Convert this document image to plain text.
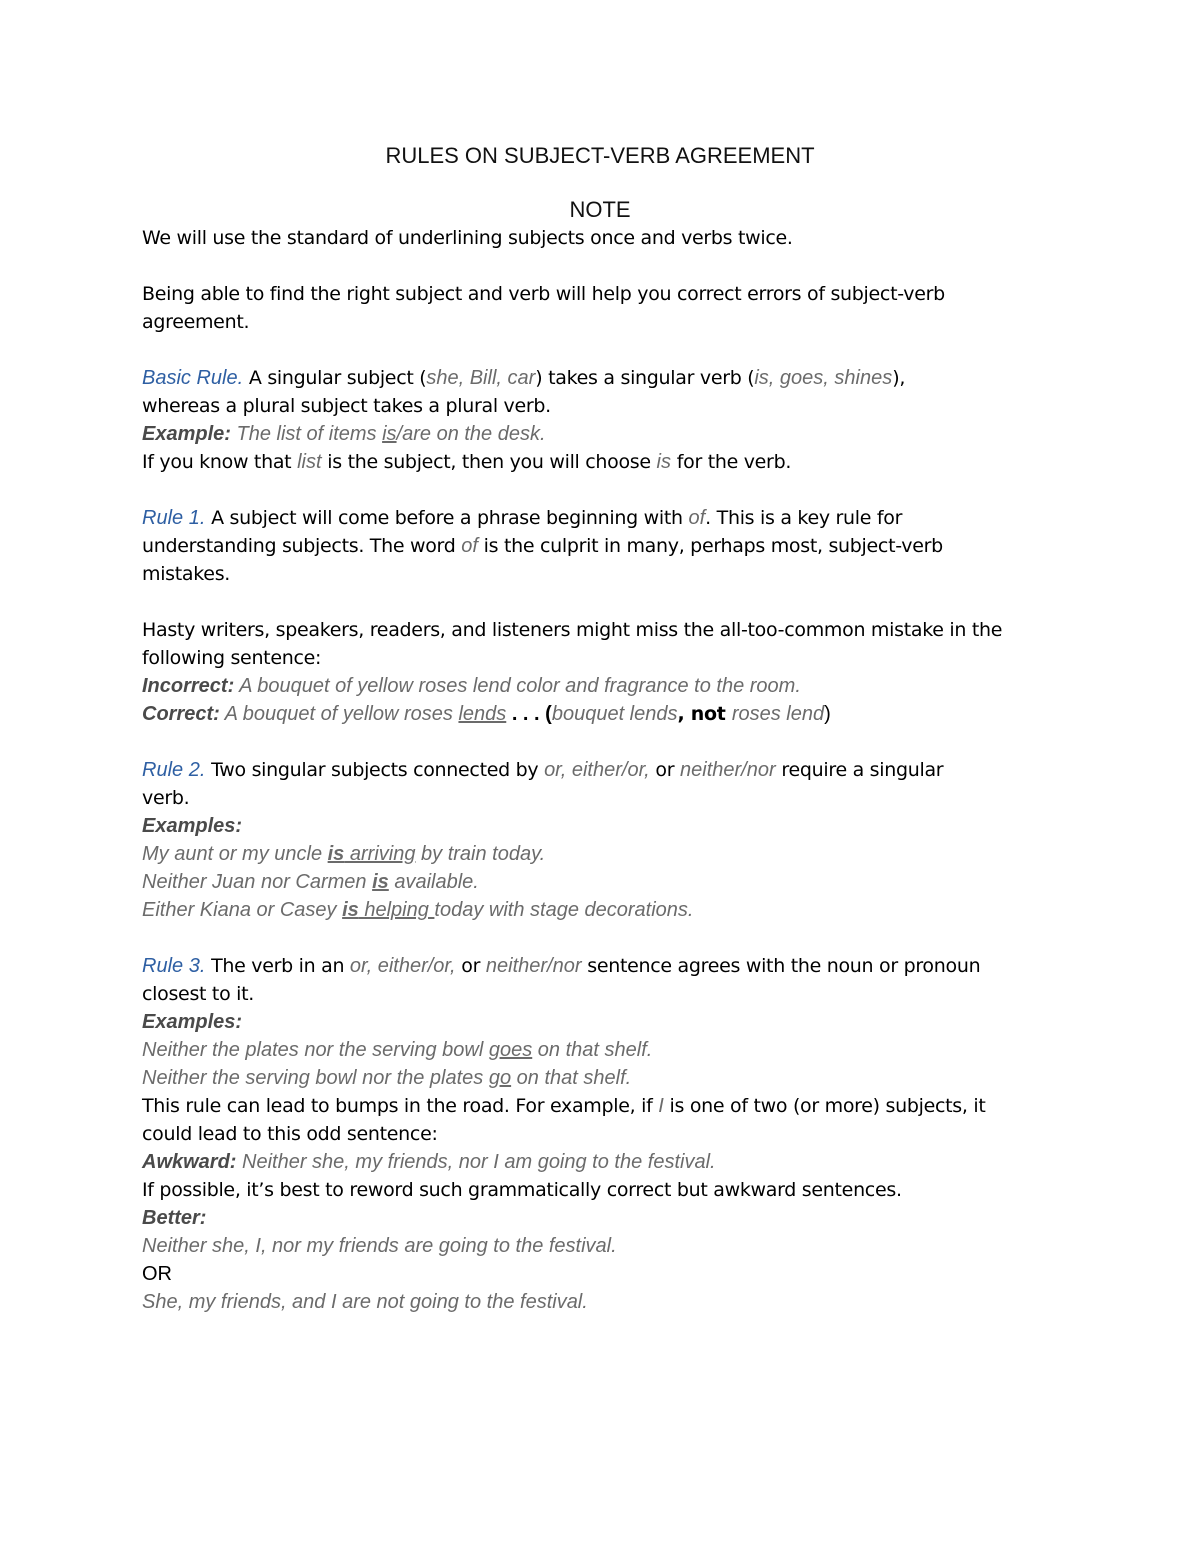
RULES ON SUBJECT-VERB AGREEMENT
NOTE
We will use the standard of underlining subjects once and verbs twice.
Being able to find the right subject and verb will help you correct errors of subject-verb
agreement.
Basic Rule. A singular subject (she, Bill, car) takes a singular verb (is, goes, shines),
whereas a plural subject takes a plural verb.
Example: The list of items is/are on the desk.
If you know that list is the subject, then you will choose is for the verb.
Rule 1. A subject will come before a phrase beginning with of. This is a key rule for
understanding subjects. The word of is the culprit in many, perhaps most, subject-verb
mistakes.
Hasty writers, speakers, readers, and listeners might miss the all-too-common mistake in the
following sentence:
Incorrect: A bouquet of yellow roses lend color and fragrance to the room.
Correct: A bouquet of yellow roses lends . . . (bouquet lends, not roses lend)
Rule 2. Two singular subjects connected by or, either/or, or neither/nor require a singular
verb.
Examples:
My aunt or my uncle is arriving by train today.
Neither Juan nor Carmen is available.
Either Kiana or Casey is helping today with stage decorations.
Rule 3. The verb in an or, either/or, or neither/nor sentence agrees with the noun or pronoun
closest to it.
Examples:
Neither the plates nor the serving bowl goes on that shelf.
Neither the serving bowl nor the plates go on that shelf.
This rule can lead to bumps in the road. For example, if I is one of two (or more) subjects, it
could lead to this odd sentence:
Awkward: Neither she, my friends, nor I am going to the festival.
If possible, it’s best to reword such grammatically correct but awkward sentences.
Better:
Neither she, I, nor my friends are going to the festival.
OR
She, my friends, and I are not going to the festival.
